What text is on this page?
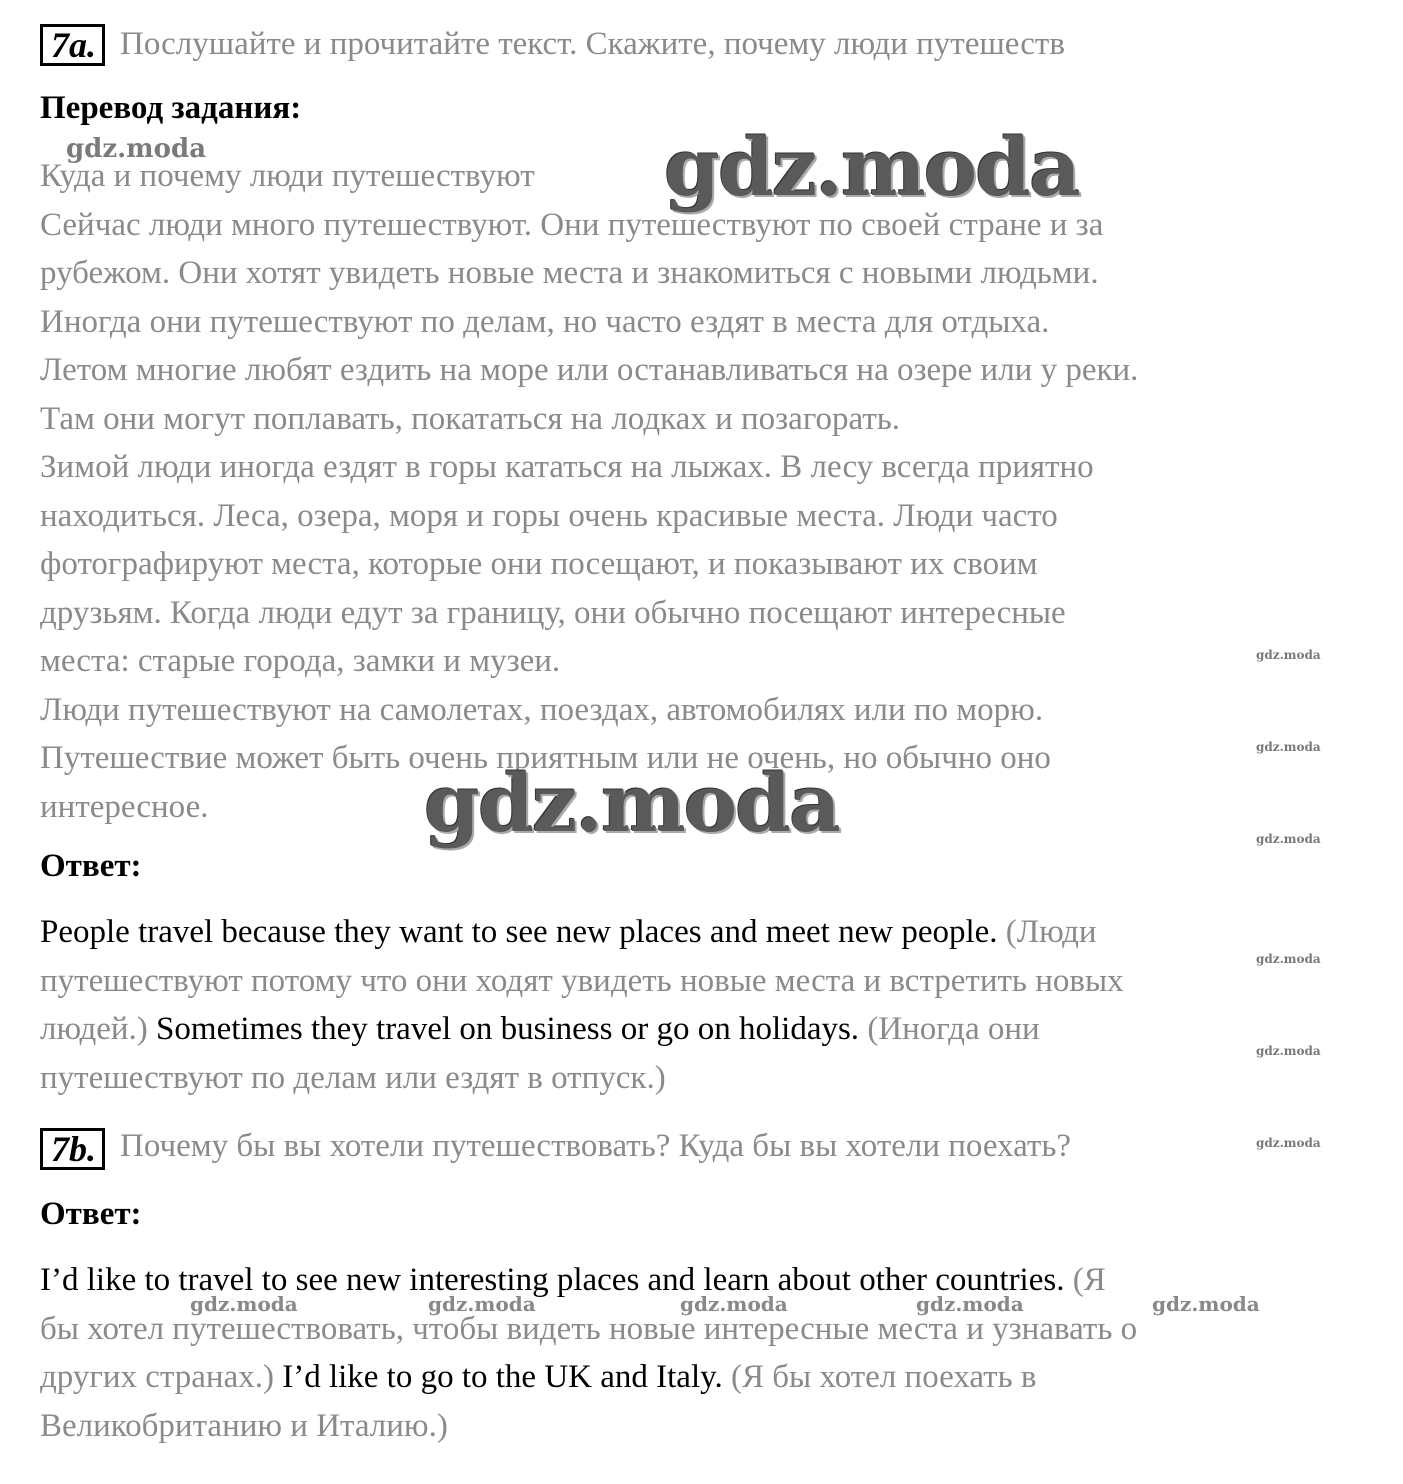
7a. Послушайте и прочитайте текст. Скажите, почему люди путешеств
Перевод задания:
Куда и почему люди путешествуют
Сейчас люди много путешествуют. Они путешествуют по своей стране и за
рубежом. Они хотят увидеть новые места и знакомиться с новыми людьми.
Иногда они путешествуют по делам, но часто ездят в места для отдыха.
Летом многие любят ездить на море или останавливаться на озере или у реки.
Там они могут поплавать, покататься на лодках и позагорать.
Зимой люди иногда ездят в горы кататься на лыжах. В лесу всегда приятно
находиться. Леса, озера, моря и горы очень красивые места. Люди часто
фотографируют места, которые они посещают, и показывают их своим
друзьям. Когда люди едут за границу, они обычно посещают интересные
места: старые города, замки и музеи.
Люди путешествуют на самолетах, поездах, автомобилях или по морю.
Путешествие может быть очень приятным или не очень, но обычно оно
интересное.
Ответ:
People travel because they want to see new places and meet new people. (Люди
путешествуют потому что они ходят увидеть новые места и встретить новых
людей.) Sometimes they travel on business or go on holidays. (Иногда они
путешествуют по делам или ездят в отпуск.)
7b. Почему бы вы хотели путешествовать? Куда бы вы хотели поехать?
Ответ:
I’d like to travel to see new interesting places and learn about other countries. (Я
бы хотел путешествовать, чтобы видеть новые интересные места и узнавать о
других странах.) I’d like to go to the UK and Italy. (Я бы хотел поехать в
Великобританию и Италию.)
gdz.moda
gdz.moda
gdz.moda
gdz.moda
gdz.moda
gdz.moda
gdz.moda
gdz.moda
gdz.moda
gdz.moda	gdz.moda	gdz.moda	gdz.moda	gdz.moda
